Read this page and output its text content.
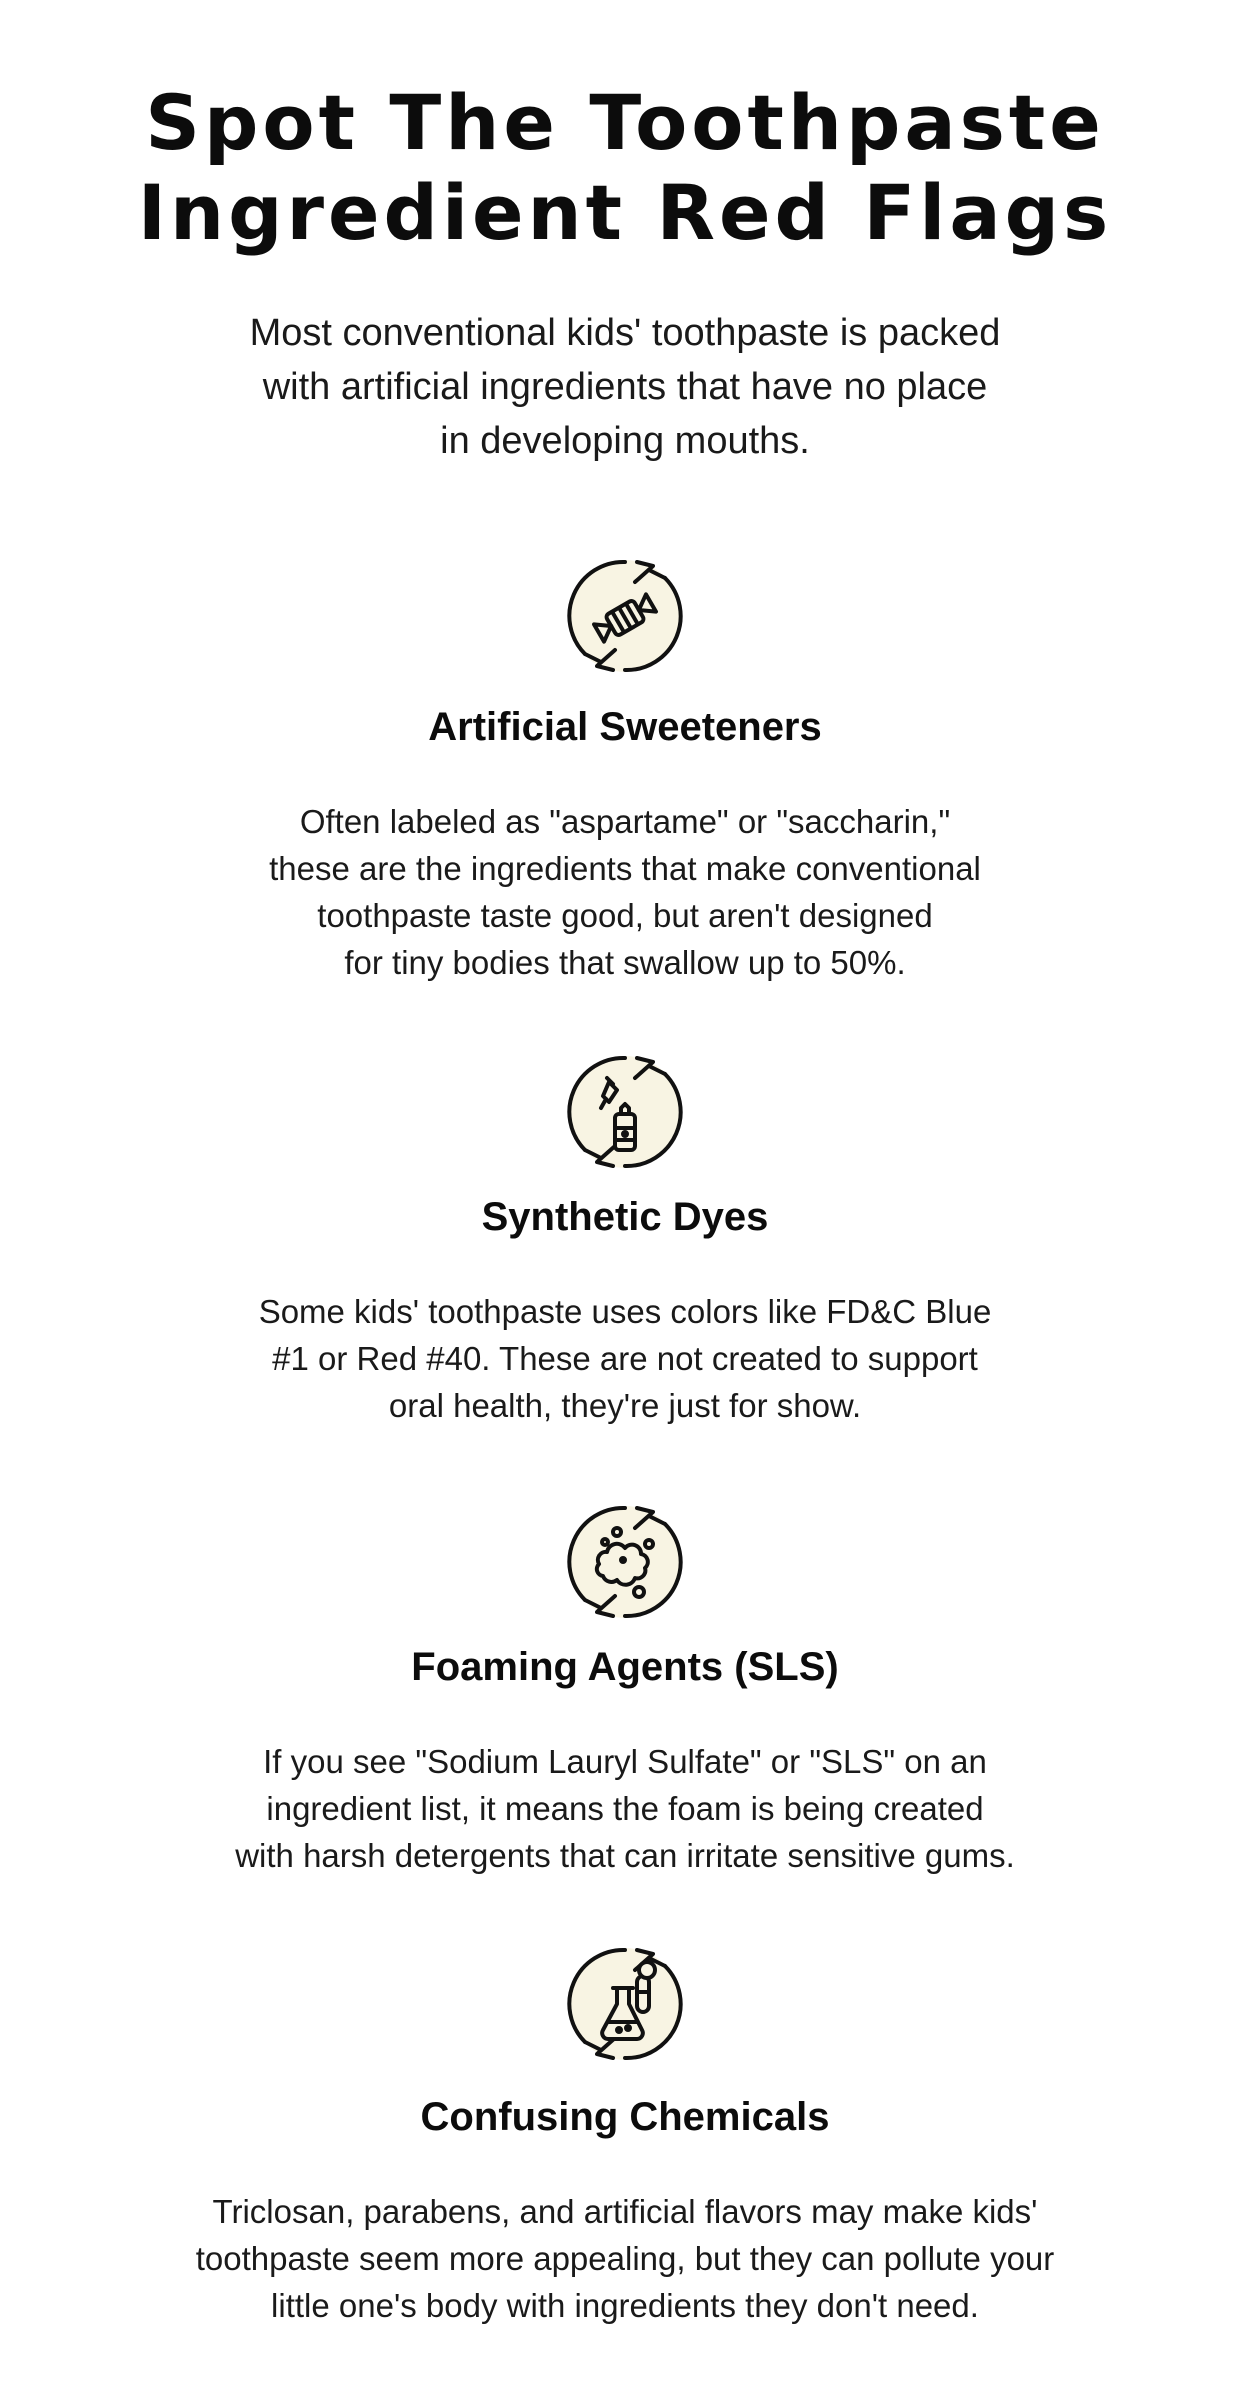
Spot The Toothpaste
Ingredient Red Flags

Most conventional kids' toothpaste is packed
with artificial ingredients that have no place
in developing mouths.

Artificial Sweeteners

Often labeled as "aspartame" or "saccharin,"
these are the ingredients that make conventional
toothpaste taste good, but aren't designed
for tiny bodies that swallow up to 50%.

Synthetic Dyes

Some kids' toothpaste uses colors like FD&C Blue
#1 or Red #40. These are not created to support
oral health, they're just for show.

Foaming Agents (SLS)

If you see "Sodium Lauryl Sulfate" or "SLS" on an
ingredient list, it means the foam is being created
with harsh detergents that can irritate sensitive gums.

Confusing Chemicals

Triclosan, parabens, and artificial flavors may make kids'
toothpaste seem more appealing, but they can pollute your
little one's body with ingredients they don't need.
